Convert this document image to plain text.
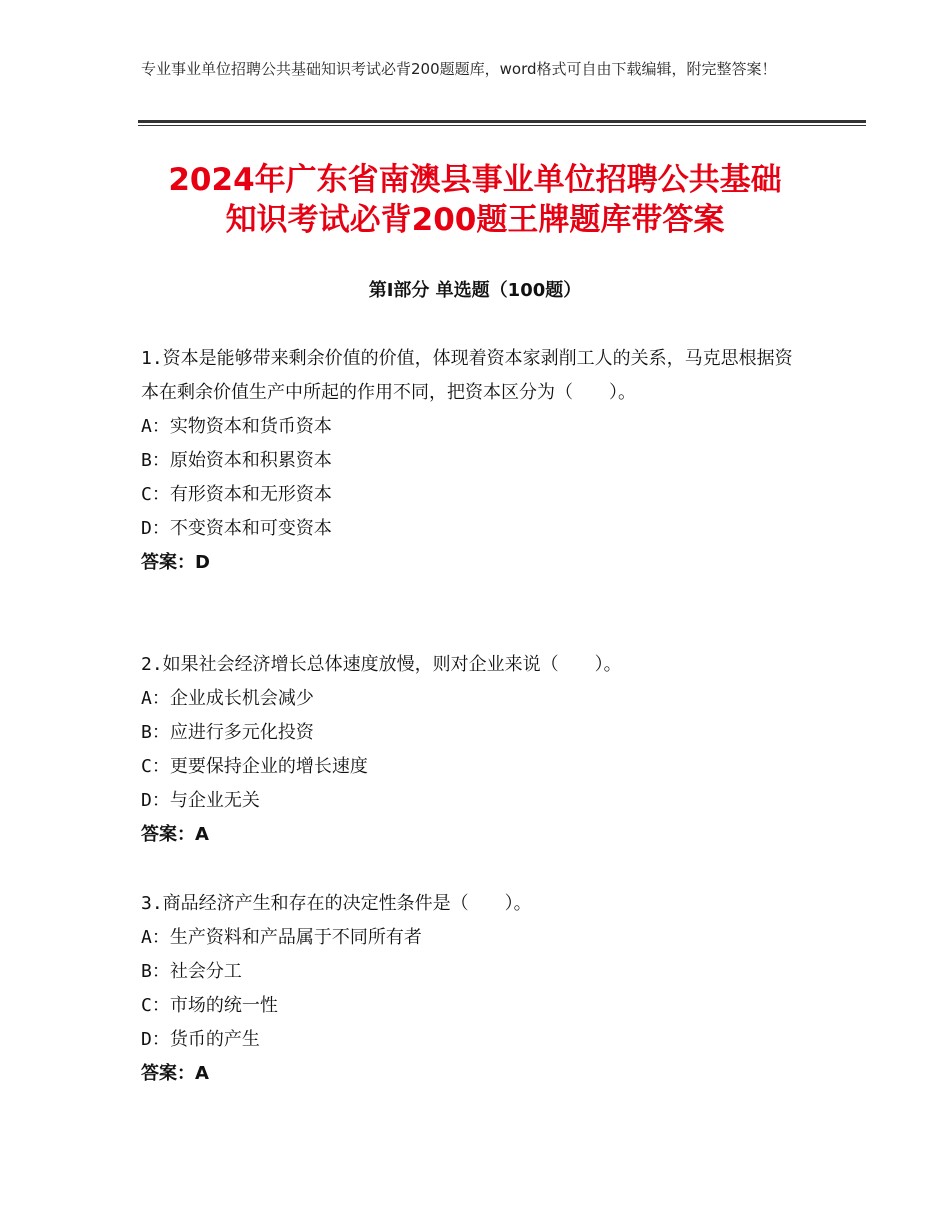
专业事业单位招聘公共基础知识考试必背200题题库，word格式可自由下载编辑，附完整答案！
2024年广东省南澳县事业单位招聘公共基础
知识考试必背200题王牌题库带答案
第Ⅰ部分 单选题（100题）

1.资本是能够带来剩余价值的价值，体现着资本家剥削工人的关系，马克思根据资本在剩余价值生产中所起的作用不同，把资本区分为（　　）。

A：实物资本和货币资本

B：原始资本和积累资本

C：有形资本和无形资本

D：不变资本和可变资本

答案：D

2.如果社会经济增长总体速度放慢，则对企业来说（　　）。

A：企业成长机会减少

B：应进行多元化投资

C：更要保持企业的增长速度

D：与企业无关

答案：A

3.商品经济产生和存在的决定性条件是（　　）。

A：生产资料和产品属于不同所有者

B：社会分工

C：市场的统一性

D：货币的产生

答案：A
